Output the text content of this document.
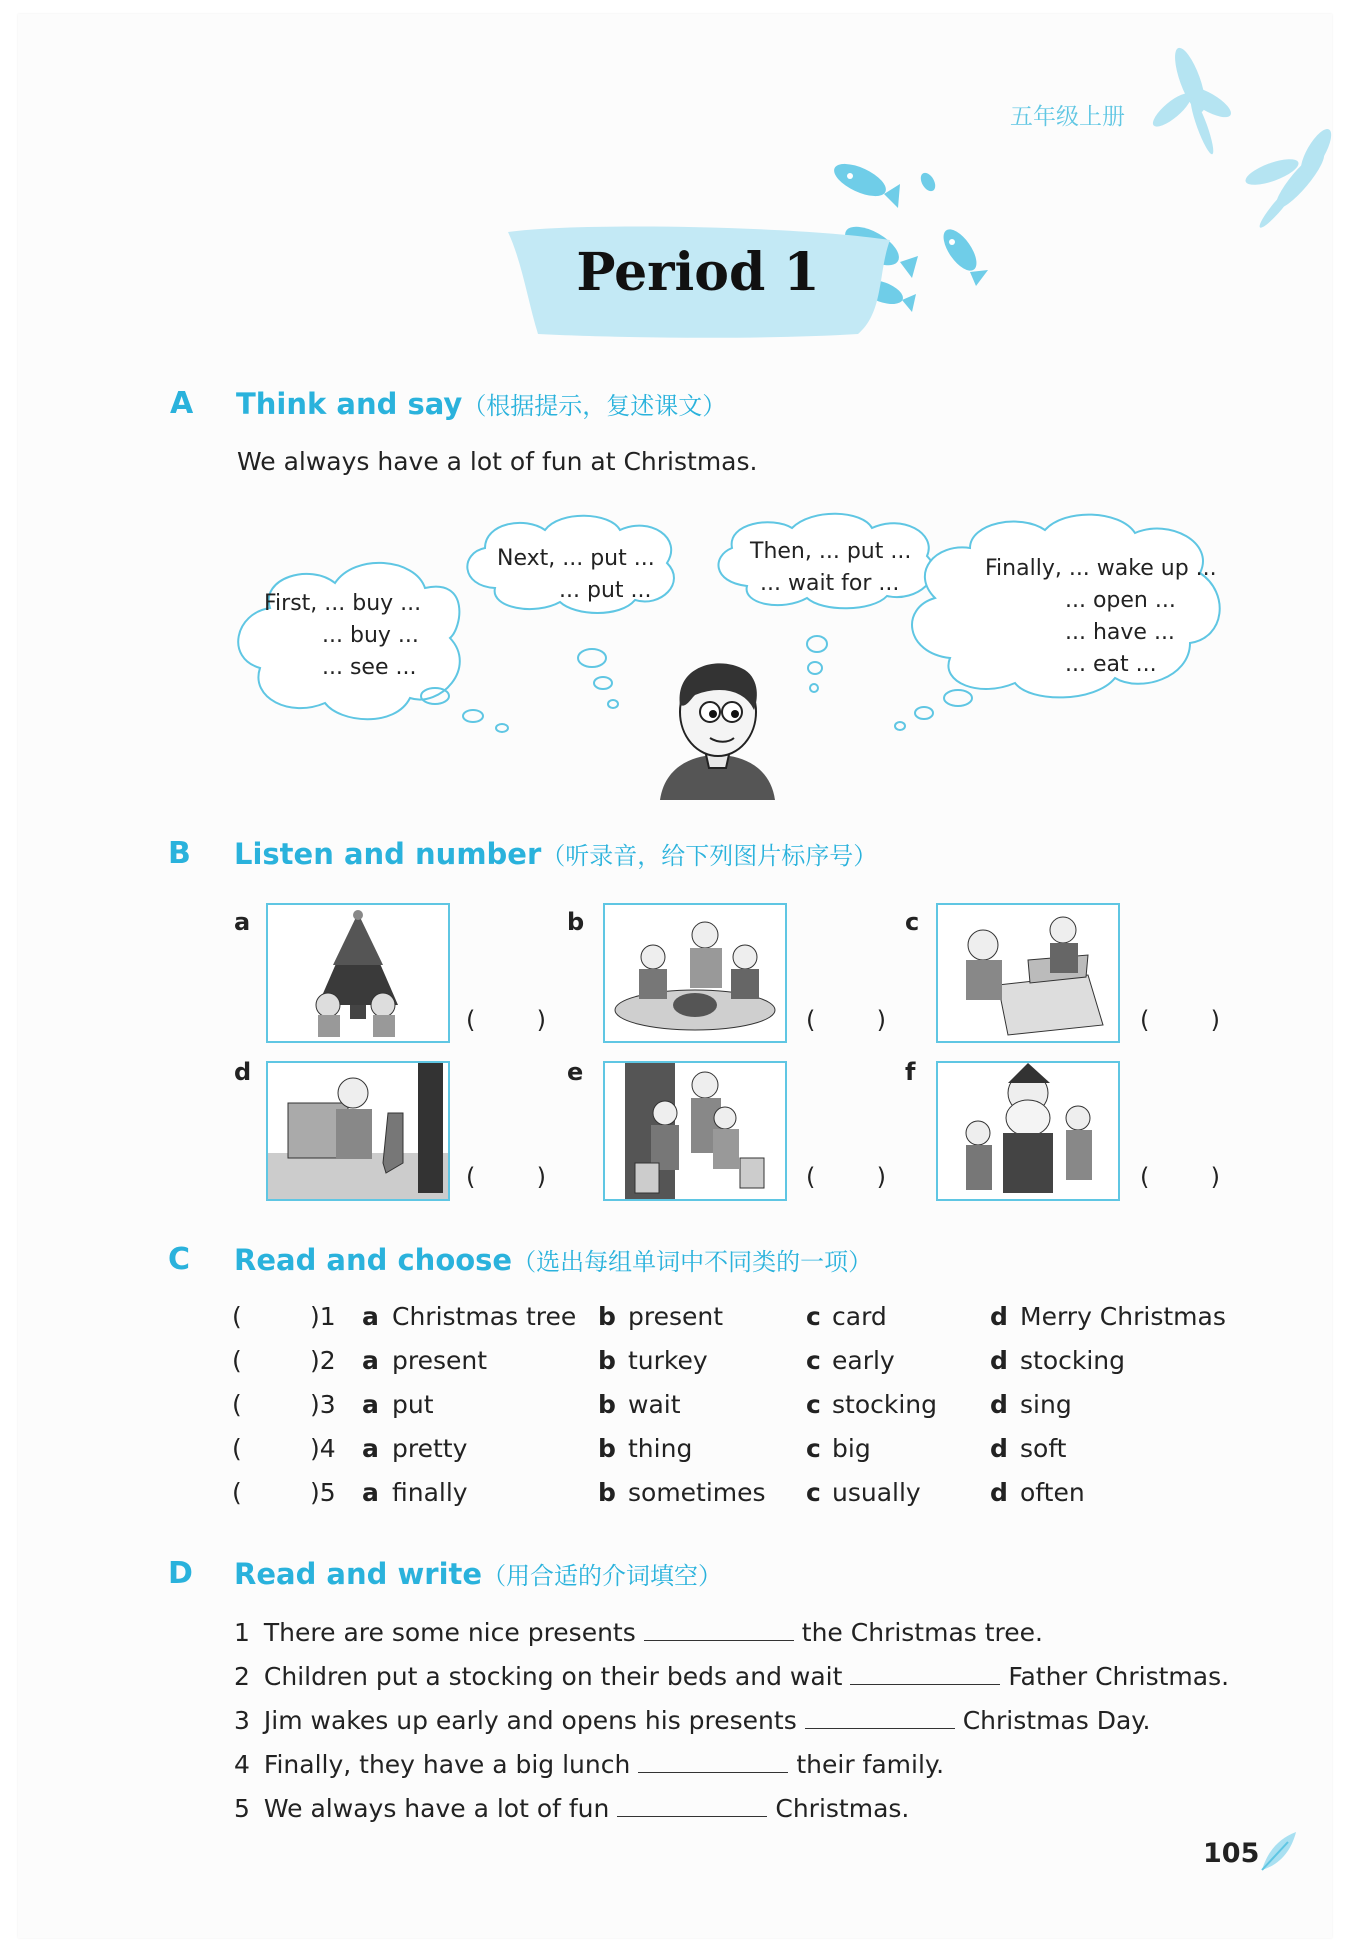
五年级上册
Period 1
A Think and say（根据提示，复述课文）
We always have a lot of fun at Christmas.
First, ... buy ...
... buy ...
... see ...
Next, ... put ...
... put ...
Then, ... put ...
... wait for ...
Finally, ... wake up ...
... open ...
... have ...
... eat ...
B Listen and number（听录音，给下列图片标序号）
a
(	)
b
(	)
c
(	)
d
(	)
e
(	)
f
(	)
C Read and choose（选出每组单词中不同类的一项）
(	)1 a Christmas tree b present	c card	d Merry Christmas
(	)2 a present	b turkey	c early	d stocking
(	)3 a put	b wait	c stocking d sing
(	)4 a pretty	b thing	c big	d soft
(	)5 a finally	b sometimes c usually	d often
D Read and write（用合适的介词填空）
1 There are some nice presents	the Christmas tree.
2 Children put a stocking on their beds and wait	Father Christmas.
3 Jim wakes up early and opens his presents	Christmas Day.
4 Finally, they have a big lunch	their family.
5 We always have a lot of fun	Christmas.
105
